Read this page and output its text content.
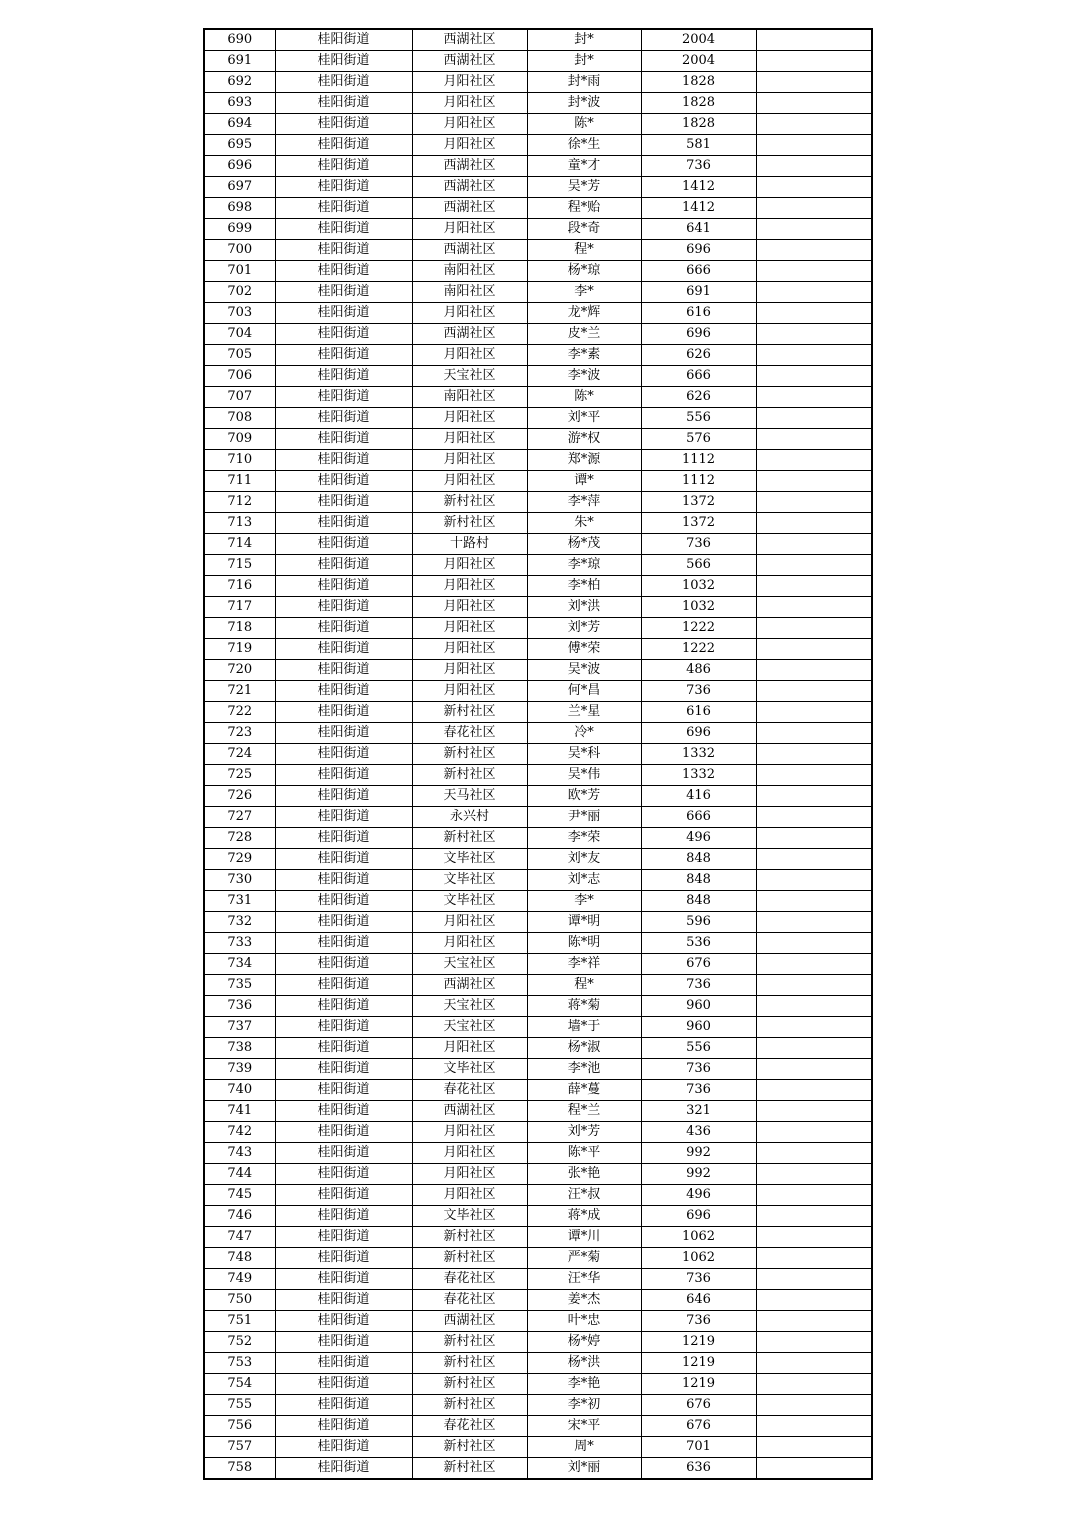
690	桂阳街道	西湖社区	封*	2004	
691	桂阳街道	西湖社区	封*	2004	
692	桂阳街道	月阳社区	封*雨	1828	
693	桂阳街道	月阳社区	封*波	1828	
694	桂阳街道	月阳社区	陈*	1828	
695	桂阳街道	月阳社区	徐*生	581	
696	桂阳街道	西湖社区	童*才	736	
697	桂阳街道	西湖社区	吴*芳	1412	
698	桂阳街道	西湖社区	程*贻	1412	
699	桂阳街道	月阳社区	段*奇	641	
700	桂阳街道	西湖社区	程*	696	
701	桂阳街道	南阳社区	杨*琼	666	
702	桂阳街道	南阳社区	李*	691	
703	桂阳街道	月阳社区	龙*辉	616	
704	桂阳街道	西湖社区	皮*兰	696	
705	桂阳街道	月阳社区	李*素	626	
706	桂阳街道	天宝社区	李*波	666	
707	桂阳街道	南阳社区	陈*	626	
708	桂阳街道	月阳社区	刘*平	556	
709	桂阳街道	月阳社区	游*权	576	
710	桂阳街道	月阳社区	郑*源	1112	
711	桂阳街道	月阳社区	谭*	1112	
712	桂阳街道	新村社区	李*萍	1372	
713	桂阳街道	新村社区	朱*	1372	
714	桂阳街道	十路村	杨*茂	736	
715	桂阳街道	月阳社区	李*琼	566	
716	桂阳街道	月阳社区	李*柏	1032	
717	桂阳街道	月阳社区	刘*洪	1032	
718	桂阳街道	月阳社区	刘*芳	1222	
719	桂阳街道	月阳社区	傅*荣	1222	
720	桂阳街道	月阳社区	吴*波	486	
721	桂阳街道	月阳社区	何*昌	736	
722	桂阳街道	新村社区	兰*星	616	
723	桂阳街道	春花社区	冷*	696	
724	桂阳街道	新村社区	吴*科	1332	
725	桂阳街道	新村社区	吴*伟	1332	
726	桂阳街道	天马社区	欧*芳	416	
727	桂阳街道	永兴村	尹*丽	666	
728	桂阳街道	新村社区	李*荣	496	
729	桂阳街道	文毕社区	刘*友	848	
730	桂阳街道	文毕社区	刘*志	848	
731	桂阳街道	文毕社区	李*	848	
732	桂阳街道	月阳社区	谭*明	596	
733	桂阳街道	月阳社区	陈*明	536	
734	桂阳街道	天宝社区	李*祥	676	
735	桂阳街道	西湖社区	程*	736	
736	桂阳街道	天宝社区	蒋*菊	960	
737	桂阳街道	天宝社区	墙*于	960	
738	桂阳街道	月阳社区	杨*淑	556	
739	桂阳街道	文毕社区	李*池	736	
740	桂阳街道	春花社区	薛*蔓	736	
741	桂阳街道	西湖社区	程*兰	321	
742	桂阳街道	月阳社区	刘*芳	436	
743	桂阳街道	月阳社区	陈*平	992	
744	桂阳街道	月阳社区	张*艳	992	
745	桂阳街道	月阳社区	汪*叔	496	
746	桂阳街道	文毕社区	蒋*成	696	
747	桂阳街道	新村社区	谭*川	1062	
748	桂阳街道	新村社区	严*菊	1062	
749	桂阳街道	春花社区	汪*华	736	
750	桂阳街道	春花社区	姜*杰	646	
751	桂阳街道	西湖社区	叶*忠	736	
752	桂阳街道	新村社区	杨*婷	1219	
753	桂阳街道	新村社区	杨*洪	1219	
754	桂阳街道	新村社区	李*艳	1219	
755	桂阳街道	新村社区	李*初	676	
756	桂阳街道	春花社区	宋*平	676	
757	桂阳街道	新村社区	周*	701	
758	桂阳街道	新村社区	刘*丽	636	
